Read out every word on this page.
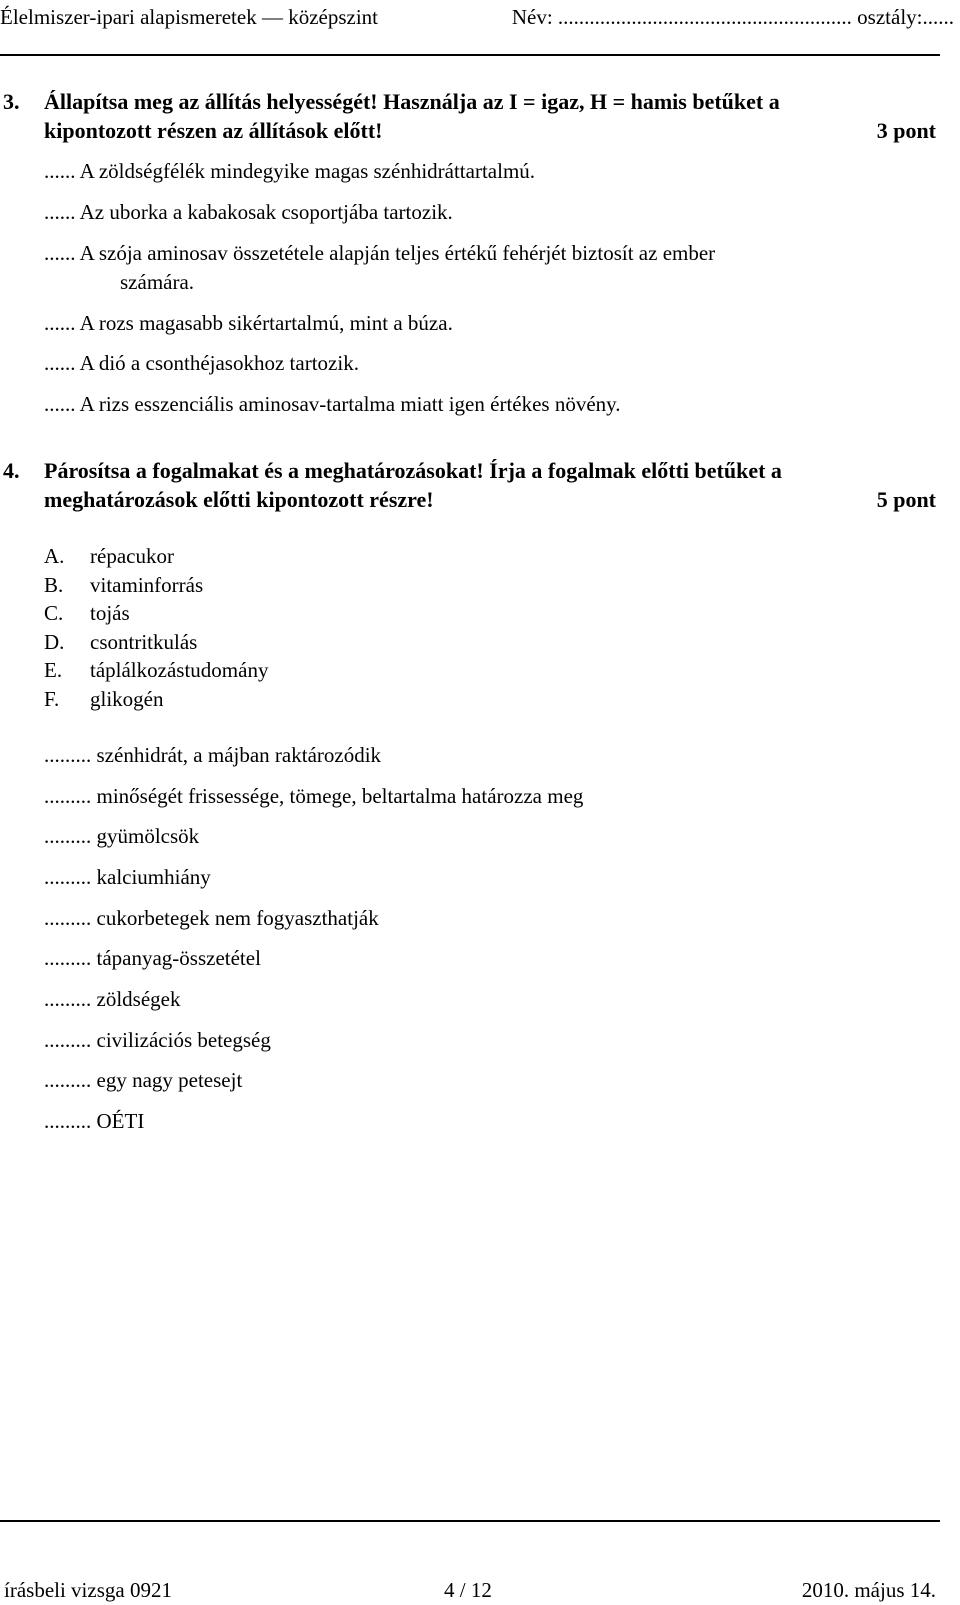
Élelmiszer-ipari alapismeretek — középszint	Név: ........................................................ osztály:......
3. Állapítsa meg az állítás helyességét! Használja az I = igaz, H = hamis betűket a
kipontozott részen az állítások előtt!	3 pont
...... A zöldségfélék mindegyike magas szénhidráttartalmú.
...... Az uborka a kabakosak csoportjába tartozik.
...... A szója aminosav összetétele alapján teljes értékű fehérjét biztosít az ember
számára.
...... A rozs magasabb sikértartalmú, mint a búza.
...... A dió a csonthéjasokhoz tartozik.
...... A rizs esszenciális aminosav-tartalma miatt igen értékes növény.
4. Párosítsa a fogalmakat és a meghatározásokat! Írja a fogalmak előtti betűket a
meghatározások előtti kipontozott részre!	5 pont
A. répacukor
B. vitaminforrás
C. tojás
D. csontritkulás
E. táplálkozástudomány
F. glikogén
......... szénhidrát, a májban raktározódik
......... minőségét frissessége, tömege, beltartalma határozza meg
......... gyümölcsök
......... kalciumhiány
......... cukorbetegek nem fogyaszthatják
......... tápanyag-összetétel
......... zöldségek
......... civilizációs betegség
......... egy nagy petesejt
......... OÉTI
írásbeli vizsga 0921	4 / 12	2010. május 14.
